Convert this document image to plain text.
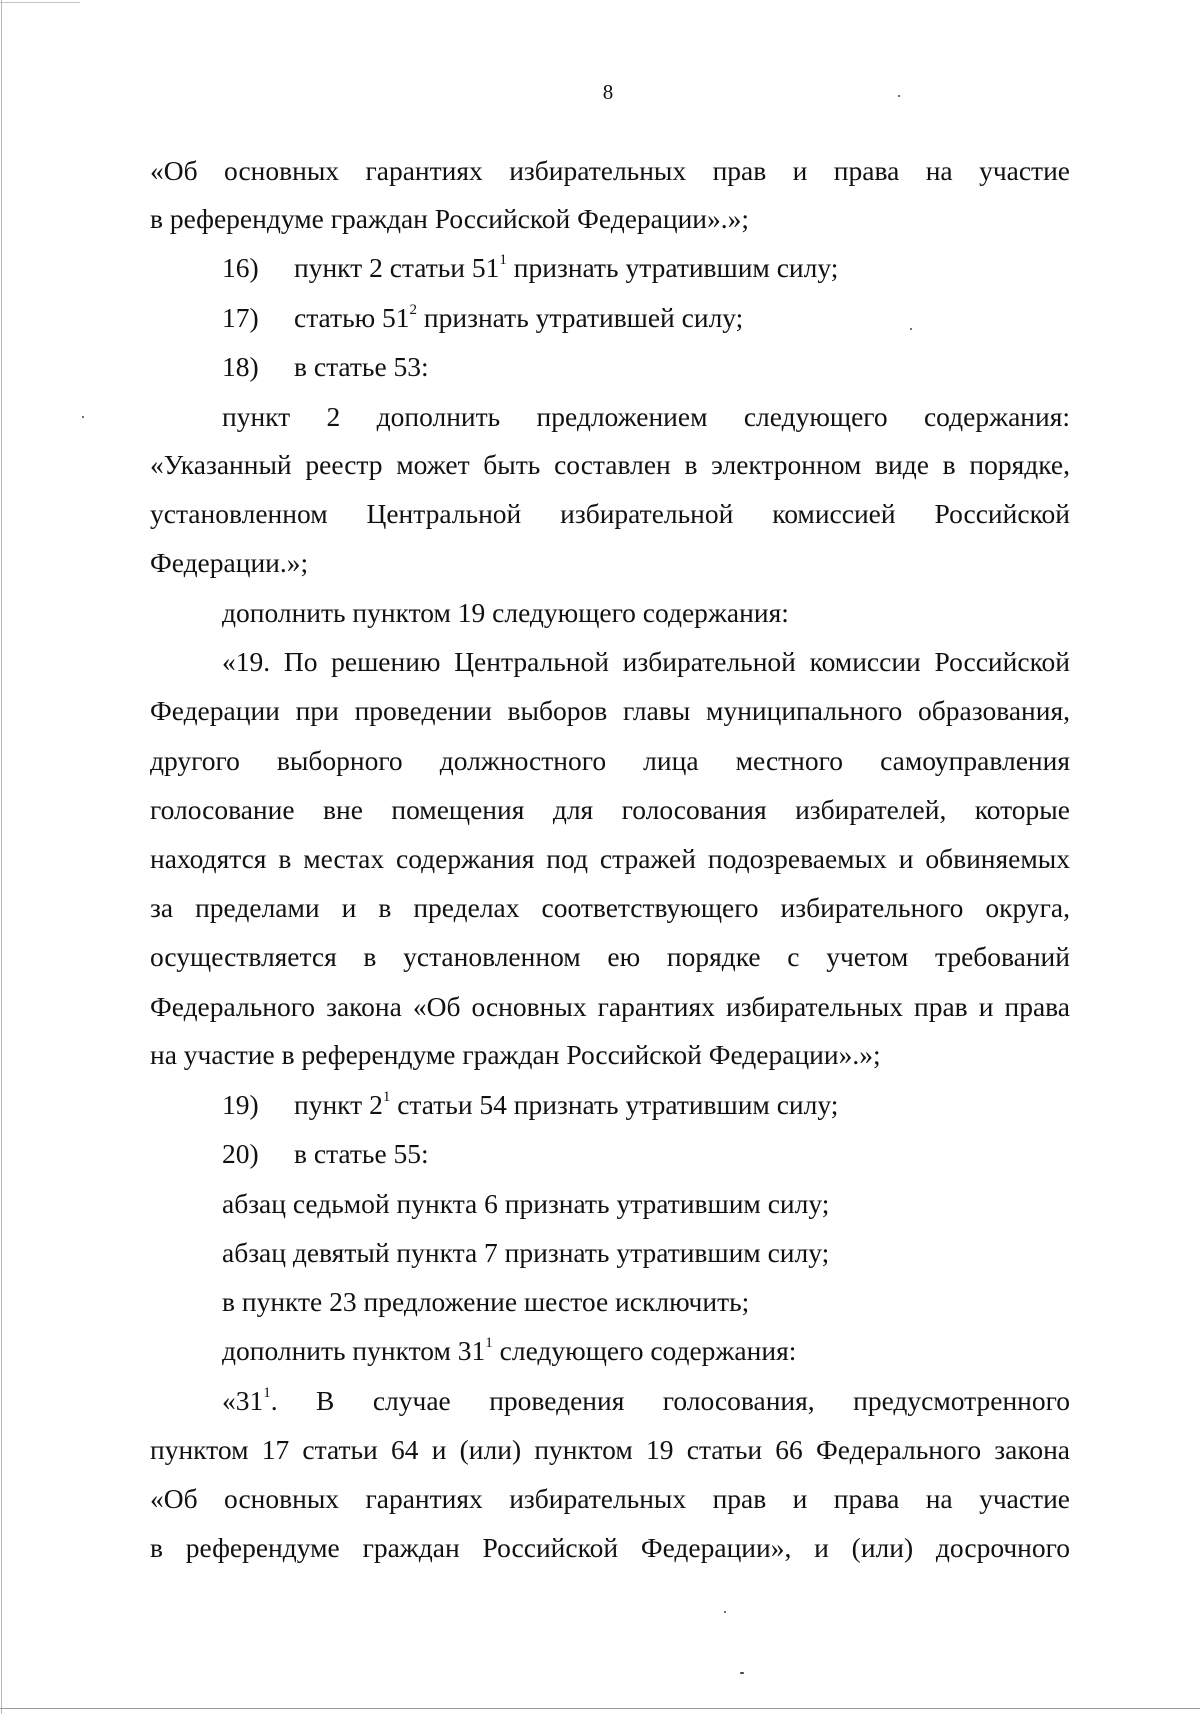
8
«Об основных гарантиях избирательных прав и права на участие
в референдуме граждан Российской Федерации».»;
16) пункт 2 статьи $51^1$ признать утратившим силу;
17) статью $51^2$ признать утратившей силу;
18) в статье 53:
пункт 2 дополнить предложением следующего содержания:
«Указанный реестр может быть составлен в электронном виде в порядке,
установленном Центральной избирательной комиссией Российской
Федерации.»;
дополнить пунктом 19 следующего содержания:
«19. По решению Центральной избирательной комиссии Российской
Федерации при проведении выборов главы муниципального образования,
другого выборного должностного лица местного самоуправления
голосование вне помещения для голосования избирателей, которые
находятся в местах содержания под стражей подозреваемых и обвиняемых
за пределами и в пределах соответствующего избирательного округа,
осуществляется в установленном ею порядке с учетом требований
Федерального закона «Об основных гарантиях избирательных прав и права
на участие в референдуме граждан Российской Федерации».»;
19) пункт $2^1$ статьи 54 признать утратившим силу;
20) в статье 55:
абзац седьмой пункта 6 признать утратившим силу;
абзац девятый пункта 7 признать утратившим силу;
в пункте 23 предложение шестое исключить;
дополнить пунктом $31^1$ следующего содержания:
«$31^1$. В случае проведения голосования, предусмотренного
пунктом 17 статьи 64 и (или) пунктом 19 статьи 66 Федерального закона
«Об основных гарантиях избирательных прав и права на участие
в референдуме граждан Российской Федерации», и (или) досрочного
